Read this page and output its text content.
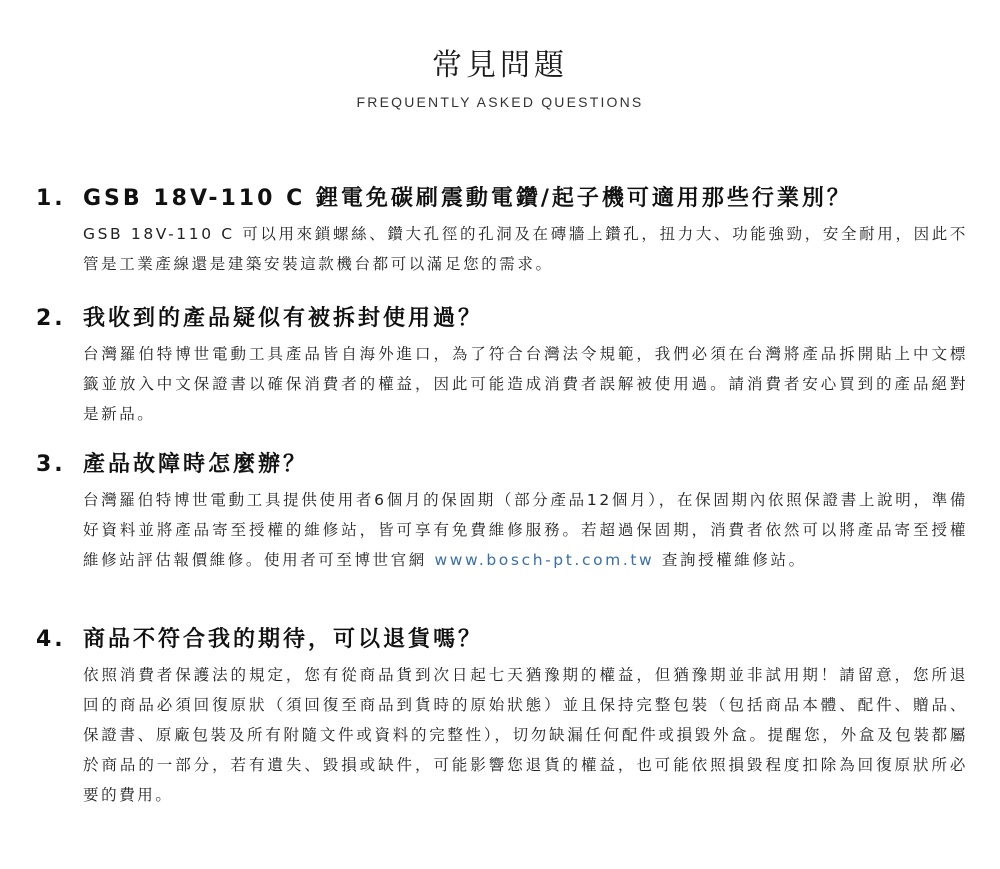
常見問題
FREQUENTLY ASKED QUESTIONS
1. GSB 18V-110 C 鋰電免碳刷震動電鑽/起子機可適用那些行業別？
GSB 18V-110 C 可以用來鎖螺絲、鑽大孔徑的孔洞及在磚牆上鑽孔，扭力大、功能強勁，安全耐用，因此不管是工業產線還是建築安裝這款機台都可以滿足您的需求。
2. 我收到的產品疑似有被拆封使用過？
台灣羅伯特博世電動工具產品皆自海外進口，為了符合台灣法令規範，我們必須在台灣將產品拆開貼上中文標籤並放入中文保證書以確保消費者的權益，因此可能造成消費者誤解被使用過。請消費者安心買到的產品絕對是新品。
3. 產品故障時怎麼辦？
台灣羅伯特博世電動工具提供使用者6個月的保固期（部分產品12個月），在保固期內依照保證書上說明，準備好資料並將產品寄至授權的維修站，皆可享有免費維修服務。若超過保固期，消費者依然可以將產品寄至授權維修站評估報價維修。使用者可至博世官網 www.bosch-pt.com.tw 查詢授權維修站。
4. 商品不符合我的期待，可以退貨嗎？
依照消費者保護法的規定，您有從商品貨到次日起七天猶豫期的權益，但猶豫期並非試用期！請留意，您所退回的商品必須回復原狀（須回復至商品到貨時的原始狀態）並且保持完整包裝（包括商品本體、配件、贈品、保證書、原廠包裝及所有附隨文件或資料的完整性），切勿缺漏任何配件或損毀外盒。提醒您，外盒及包裝都屬於商品的一部分，若有遺失、毀損或缺件，可能影響您退貨的權益，也可能依照損毀程度扣除為回復原狀所必要的費用。
